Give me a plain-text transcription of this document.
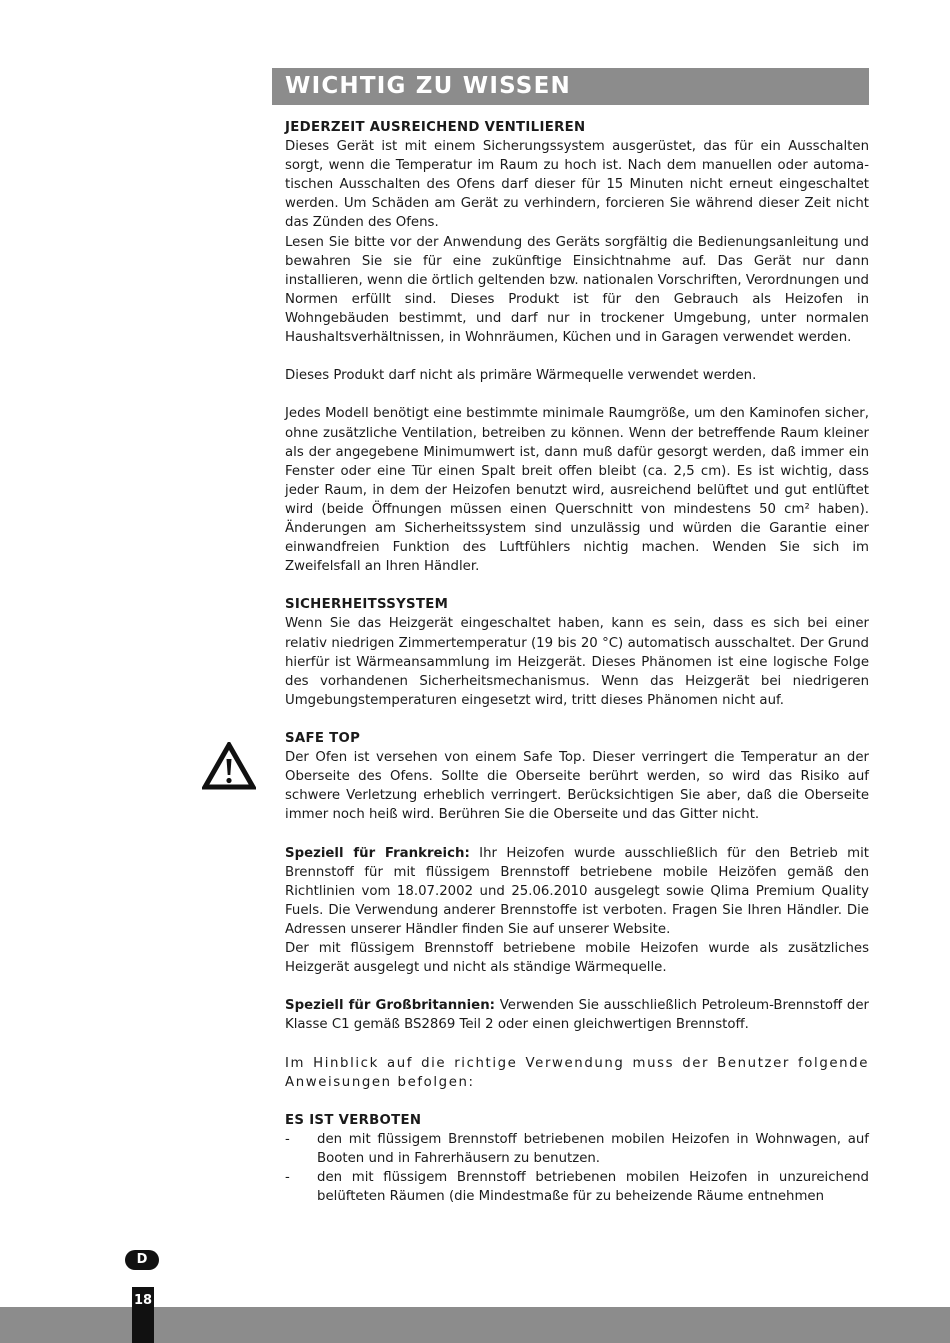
WICHTIG ZU WISSEN
JEDERZEIT AUSREICHEND VENTILIEREN

Dieses Gerät ist mit einem Sicherungssystem ausgerüstet, das für ein Ausschalten sorgt, wenn die Temperatur im Raum zu hoch ist. Nach dem manuellen oder automa-tischen Ausschalten des Ofens darf dieser für 15 Minuten nicht erneut eingeschaltet werden. Um Schäden am Gerät zu verhindern, forcieren Sie während dieser Zeit nicht das Zünden des Ofens.

Lesen Sie bitte vor der Anwendung des Geräts sorgfältig die Bedienungsanleitung und bewahren Sie sie für eine zukünftige Einsichtnahme auf. Das Gerät nur dann installieren, wenn die örtlich geltenden bzw. nationalen Vorschriften, Verordnungen und Normen erfüllt sind. Dieses Produkt ist für den Gebrauch als Heizofen in Wohngebäuden bestimmt, und darf nur in trockener Umgebung, unter normalen Haushaltsverhältnissen, in Wohnräumen, Küchen und in Garagen verwendet werden.

Dieses Produkt darf nicht als primäre Wärmequelle verwendet werden.

Jedes Modell benötigt eine bestimmte minimale Raumgröße, um den Kaminofen sicher, ohne zusätzliche Ventilation, betreiben zu können. Wenn der betreffende Raum kleiner als der angegebene Minimumwert ist, dann muß dafür gesorgt werden, daß immer ein Fenster oder eine Tür einen Spalt breit offen bleibt (ca. 2,5 cm). Es ist wichtig, dass jeder Raum, in dem der Heizofen benutzt wird, ausreichend belüftet und gut entlüftet wird (beide Öffnungen müssen einen Querschnitt von mindestens 50 cm² haben). Änderungen am Sicherheitssystem sind unzulässig und würden die Garantie einer einwandfreien Funktion des Luftfühlers nichtig machen. Wenden Sie sich im Zweifelsfall an Ihren Händler.

SICHERHEITSSYSTEM

Wenn Sie das Heizgerät eingeschaltet haben, kann es sein, dass es sich bei einer relativ niedrigen Zimmertemperatur (19 bis 20 °C) automatisch ausschaltet. Der Grund hierfür ist Wärmeansammlung im Heizgerät. Dieses Phänomen ist eine logische Folge des vorhandenen Sicherheitsmechanismus. Wenn das Heizgerät bei niedrigeren Umgebungstemperaturen eingesetzt wird, tritt dieses Phänomen nicht auf.

SAFE TOP

Der Ofen ist versehen von einem Safe Top. Dieser verringert die Temperatur an der Oberseite des Ofens. Sollte die Oberseite berührt werden, so wird das Risiko auf schwere Verletzung erheblich verringert. Berücksichtigen Sie aber, daß die Oberseite immer noch heiß wird. Berühren Sie die Oberseite und das Gitter nicht.

Speziell für Frankreich: Ihr Heizofen wurde ausschließlich für den Betrieb mit Brennstoff für mit flüssigem Brennstoff betriebene mobile Heizöfen gemäß den Richtlinien vom 18.07.2002 und 25.06.2010 ausgelegt sowie Qlima Premium Quality Fuels. Die Verwendung anderer Brennstoffe ist verboten. Fragen Sie Ihren Händler. Die Adressen unserer Händler finden Sie auf unserer Website.

Der mit flüssigem Brennstoff betriebene mobile Heizofen wurde als zusätzliches Heizgerät ausgelegt und nicht als ständige Wärmequelle.

Speziell für Großbritannien: Verwenden Sie ausschließlich Petroleum-Brennstoff der Klasse C1 gemäß BS2869 Teil 2 oder einen gleichwertigen Brennstoff.

Im Hinblick auf die richtige Verwendung muss der Benutzer folgende Anweisungen befolgen:

ES IST VERBOTEN
- den mit flüssigem Brennstoff betriebenen mobilen Heizofen in Wohnwagen, auf Booten und in Fahrerhäusern zu benutzen.
- den mit flüssigem Brennstoff betriebenen mobilen Heizofen in unzureichend belüfteten Räumen (die Mindestmaße für zu beheizende Räume entnehmen
D
18
